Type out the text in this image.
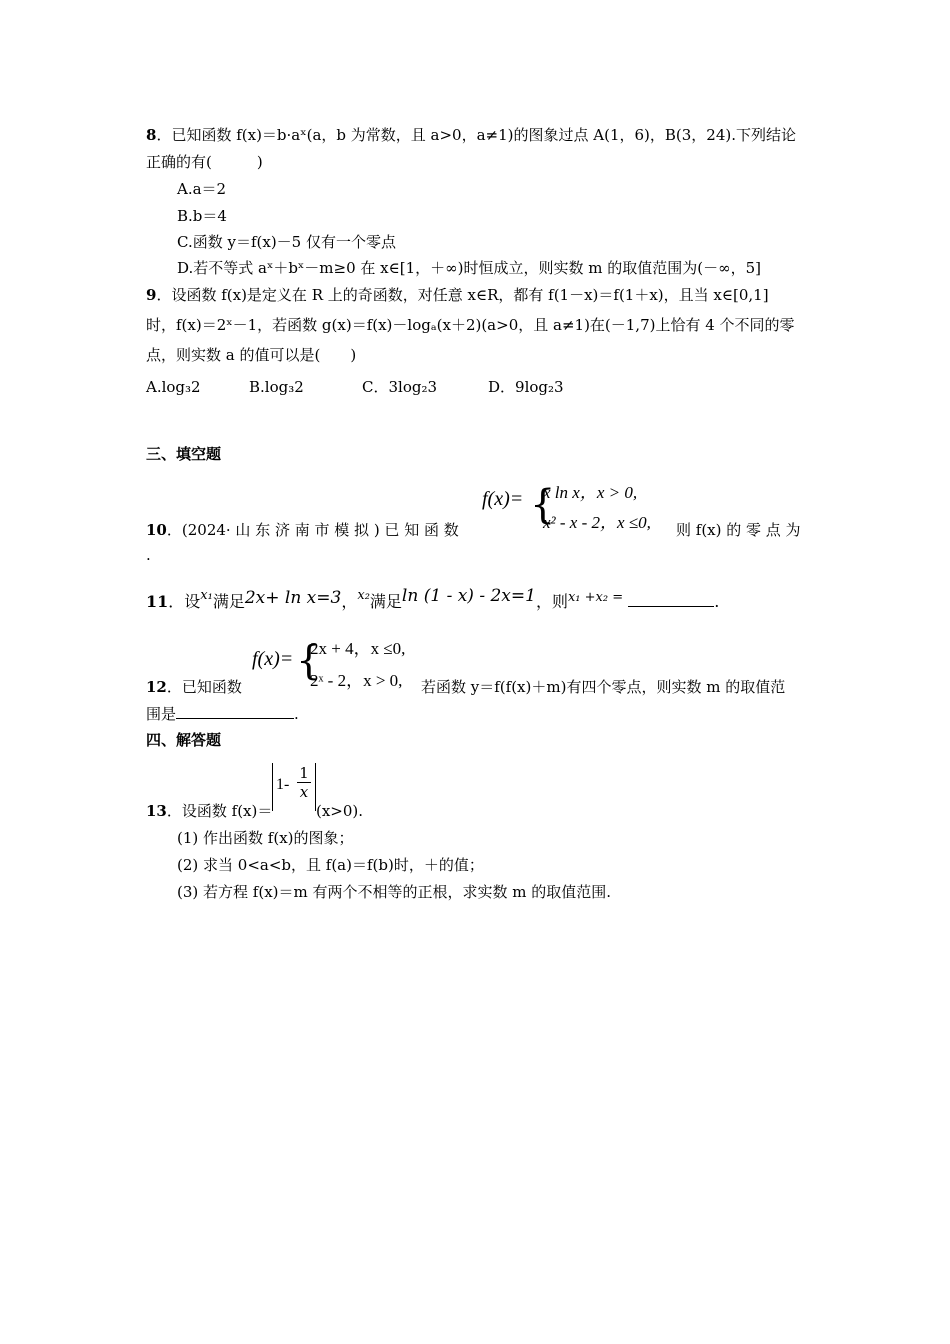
8．已知函数 f(x)＝b·aˣ(a，b 为常数，且 a>0，a≠1)的图象过点 A(1，6)，B(3，24).下列结论
正确的有(　　　)
A.a＝2
B.b＝4
C.函数 y＝f(x)－5 仅有一个零点
D.若不等式 aˣ＋bˣ－m≥0 在 x∈[1，＋∞)时恒成立，则实数 m 的取值范围为(－∞，5]
9．设函数 f(x)是定义在 R 上的奇函数，对任意 x∈R，都有 f(1－x)＝f(1＋x)，且当 x∈[0,1]
时，f(x)＝2ˣ－1，若函数 g(x)＝f(x)－logₐ(x＋2)(a>0，且 a≠1)在(－1,7)上恰有 4 个不同的零
点，则实数 a 的值可以是(　　)
A.log₃2	B.log₃2	C．3log₂3	D．9log₂3
三、填空题
10．(2024· 山 东 济 南 市 模 拟 ) 已 知 函 数
f(x)= {
x ln x，x > 0,
x² - x - 2，x ≤0, 则 f(x) 的 零 点 为
.
11．设$^{x_1}$满足2x+ ln x=3，$^{x_2}$满足ln (1 - x) - 2x=1，则$^{x_1 +x_2 =}$	.
12．已知函数
f(x)= {
2x + 4，x ≤0,
2ˣ - 2，x > 0, 若函数 y＝f(f(x)＋m)有四个零点，则实数 m 的取值范
围是	.
四、解答题
13．设函数 f(x)＝
$1- \frac{1}{x}$
(x>0).
(1) 作出函数 f(x)的图象；
(2) 求当 0<a<b，且 f(a)＝f(b)时，＋的值；
(3) 若方程 f(x)＝m 有两个不相等的正根，求实数 m 的取值范围.
